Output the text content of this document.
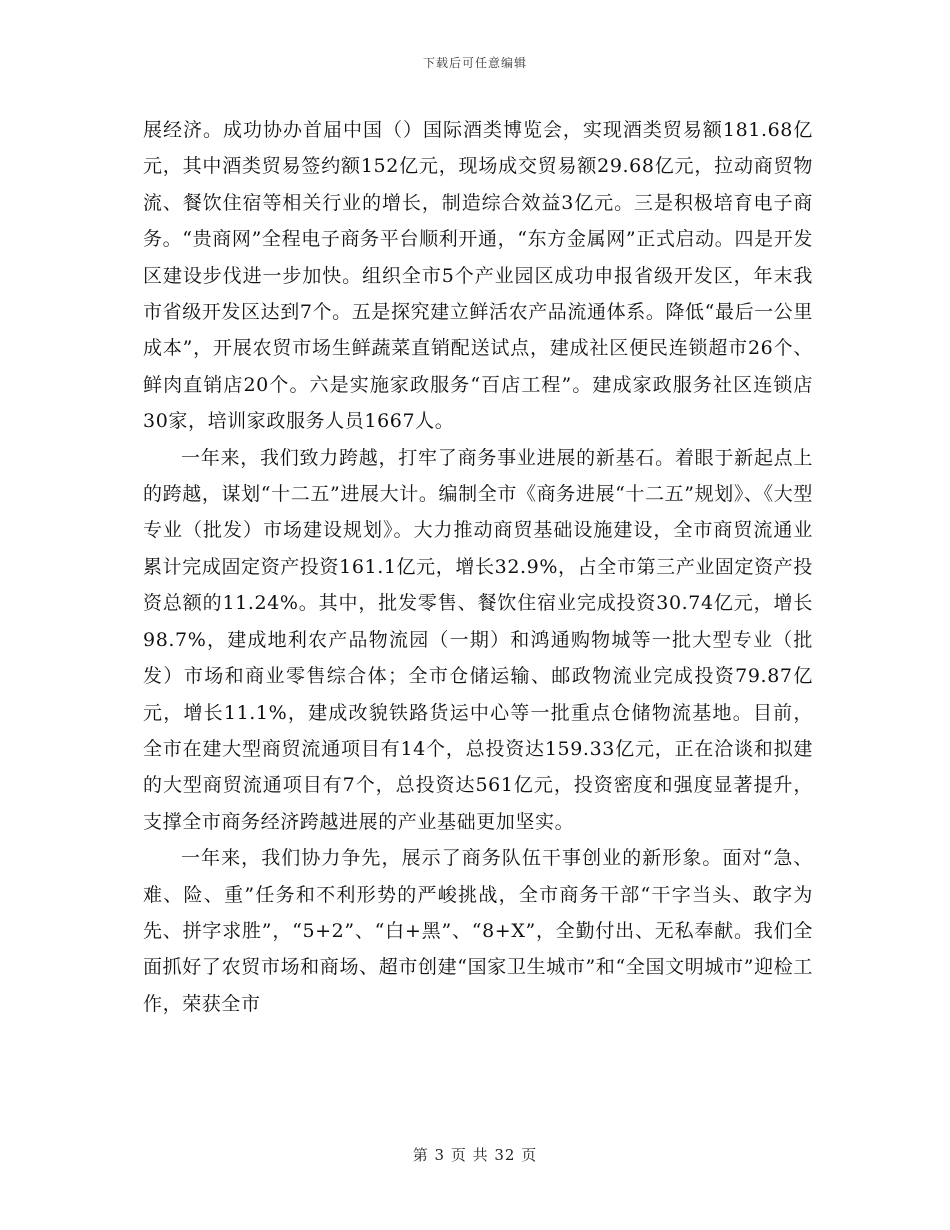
下载后可任意编辑

展经济。成功协办首届中国（）国际酒类博览会，实现酒类贸易额181.68亿元，其中酒类贸易签约额152亿元，现场成交贸易额29.68亿元，拉动商贸物流、餐饮住宿等相关行业的增长，制造综合效益3亿元。三是积极培育电子商务。“贵商网”全程电子商务平台顺利开通，“东方金属网”正式启动。四是开发区建设步伐进一步加快。组织全市5个产业园区成功申报省级开发区，年末我市省级开发区达到7个。五是探究建立鲜活农产品流通体系。降低“最后一公里成本”，开展农贸市场生鲜蔬菜直销配送试点，建成社区便民连锁超市26个、鲜肉直销店20个。六是实施家政服务“百店工程”。建成家政服务社区连锁店30家，培训家政服务人员1667人。

一年来，我们致力跨越，打牢了商务事业进展的新基石。着眼于新起点上的跨越，谋划“十二五”进展大计。编制全市《商务进展“十二五”规划》、《大型专业（批发）市场建设规划》。大力推动商贸基础设施建设，全市商贸流通业累计完成固定资产投资161.1亿元，增长32.9%，占全市第三产业固定资产投资总额的11.24%。其中，批发零售、餐饮住宿业完成投资30.74亿元，增长98.7%，建成地利农产品物流园（一期）和鸿通购物城等一批大型专业（批发）市场和商业零售综合体；全市仓储运输、邮政物流业完成投资79.87亿元，增长11.1%，建成改貌铁路货运中心等一批重点仓储物流基地。目前，全市在建大型商贸流通项目有14个，总投资达159.33亿元，正在洽谈和拟建的大型商贸流通项目有7个，总投资达561亿元，投资密度和强度显著提升，支撑全市商务经济跨越进展的产业基础更加坚实。

一年来，我们协力争先，展示了商务队伍干事创业的新形象。面对“急、难、险、重”任务和不利形势的严峻挑战，全市商务干部“干字当头、敢字为先、拼字求胜”，“5+2”、“白+黑”、“8+X”，全勤付出、无私奉献。我们全面抓好了农贸市场和商场、超市创建“国家卫生城市”和“全国文明城市”迎检工作，荣获全市

第 3 页 共 32 页
